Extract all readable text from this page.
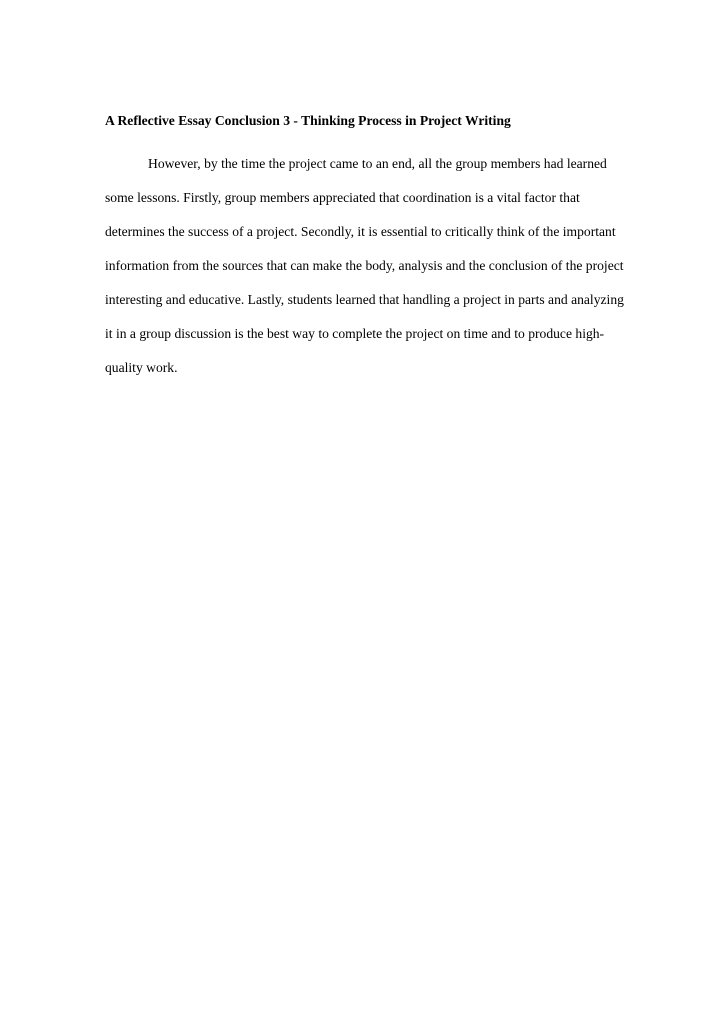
A Reflective Essay Conclusion 3 - Thinking Process in Project Writing
However, by the time the project came to an end, all the group members had learned
some lessons. Firstly, group members appreciated that coordination is a vital factor that
determines the success of a project. Secondly, it is essential to critically think of the important
information from the sources that can make the body, analysis and the conclusion of the project
interesting and educative. Lastly, students learned that handling a project in parts and analyzing
it in a group discussion is the best way to complete the project on time and to produce high-
quality work.
